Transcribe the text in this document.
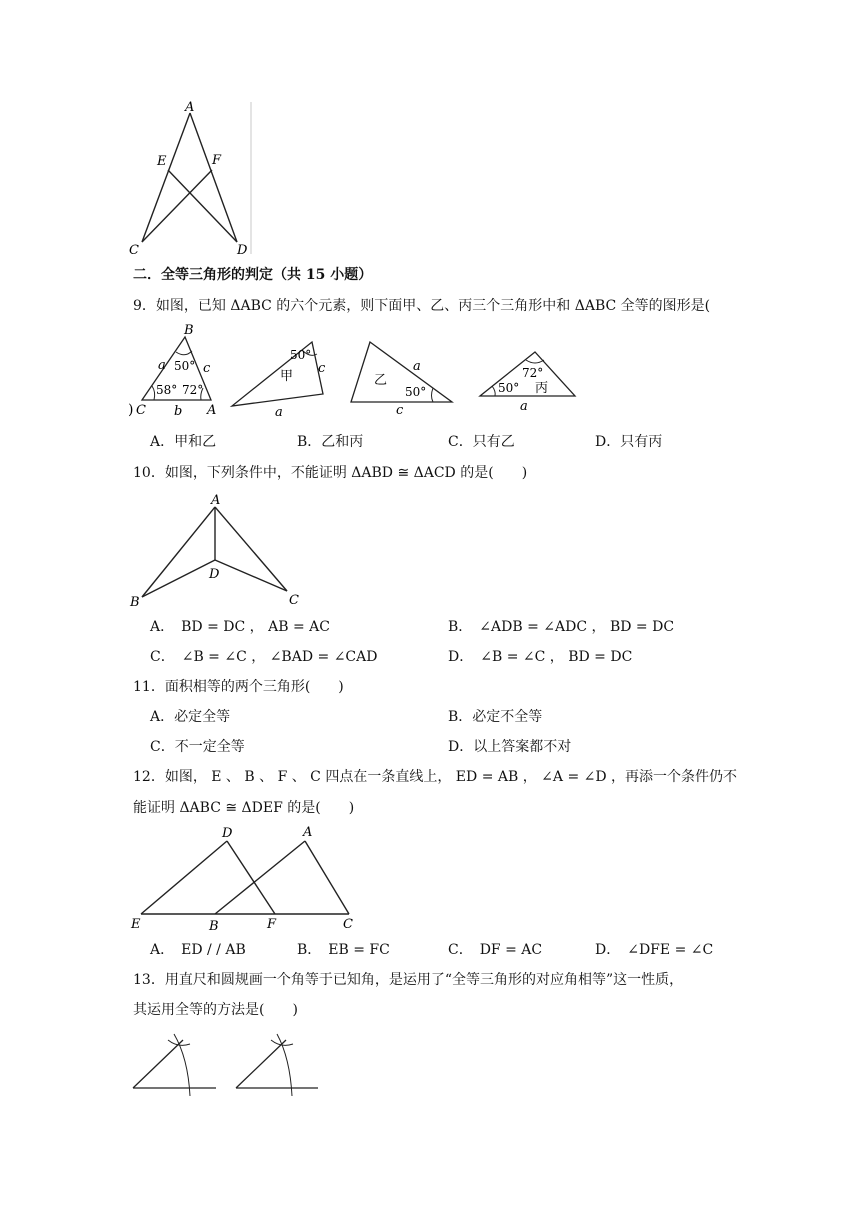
A
E	F
C	D
二．全等三角形的判定（共 15 小题）
9．如图，已知 ΔABC 的六个元素，则下面甲、乙、丙三个三角形中和 ΔABC 全等的图形是(
B
a	c
50°
58° 72°
C b A
)
50°
c
甲
a
乙
a
50°
c
72°
50° 丙
a
A．甲和乙	B．乙和丙	C．只有乙	D．只有丙
10．如图，下列条件中，不能证明 ΔABD ≅ ΔACD 的是(　　)
A
D
B	C
A．　BD = DC ， AB = AC	B．　∠ADB = ∠ADC ， BD = DC
C．　∠B = ∠C ， ∠BAD = ∠CAD	D．　∠B = ∠C ， BD = DC
11．面积相等的两个三角形(　　)
A．必定全等	B．必定不全等
C．不一定全等	D．以上答案都不对
12．如图， E 、 B 、 F 、 C 四点在一条直线上， ED = AB ， ∠A = ∠D ，再添一个条件仍不
能证明 ΔABC ≅ ΔDEF 的是(　　)
D	A
E	B	F	C
A．　ED / / AB	B．　EB = FC	C．　DF = AC	D．　∠DFE = ∠C
13．用直尺和圆规画一个角等于已知角，是运用了“全等三角形的对应角相等”这一性质，
其运用全等的方法是(　　)
